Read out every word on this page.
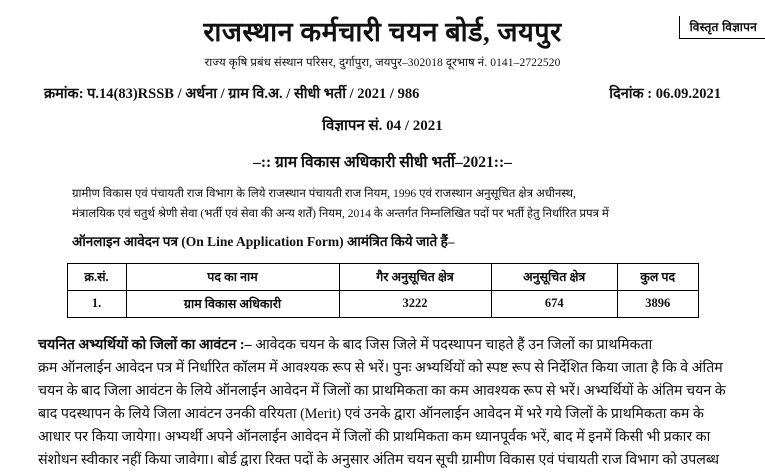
विस्तृत विज्ञापन
राजस्थान कर्मचारी चयन बोर्ड, जयपुर
राज्य कृषि प्रबंध संस्थान परिसर, दुर्गापुरा, जयपुर–302018 दूरभाष नं. 0141–2722520
क्रमांक: प.14(83)RSSB / अर्धना / ग्राम वि.अ. / सीधी भर्ती / 2021 / 986	दिनांक : 06.09.2021
विज्ञापन सं. 04 / 2021
–:: ग्राम विकास अधिकारी सीधी भर्ती–2021::–
ग्रामीण विकास एवं पंचायती राज विभाग के लिये राजस्थान पंचायती राज नियम, 1996 एवं राजस्थान अनुसूचित क्षेत्र अधीनस्थ,
मंत्रालयिक एवं चतुर्थ श्रेणी सेवा (भर्ती एवं सेवा की अन्य शर्तें) नियम, 2014 के अन्तर्गत निम्नलिखित पदों पर भर्ती हेतु निर्धारित प्रपत्र में
ऑनलाइन आवेदन पत्र (On Line Application Form) आमंत्रित किये जाते हैं–
क्र.सं.	पद का नाम	गैर अनुसूचित क्षेत्र	अनुसूचित क्षेत्र	कुल पद
1.	ग्राम विकास अधिकारी	3222	674	3896
चयनित अभ्यर्थियों को जिलों का आवंटन :– आवेदक चयन के बाद जिस जिले में पदस्थापन चाहते हैं उन जिलों का प्राथमिकता
क्रम ऑनलाईन आवेदन पत्र में निर्धारित कॉलम में आवश्यक रूप से भरें। पुनः अभ्यर्थियों को स्पष्ट रूप से निर्देशित किया जाता है कि वे अंतिम
चयन के बाद जिला आवंटन के लिये ऑनलाईन आवेदन में जिलों का प्राथमिकता का कम आवश्यक रूप से भरें। अभ्यर्थियों के अंतिम चयन के
बाद पदस्थापन के लिये जिला आवंटन उनकी वरियता (Merit) एवं उनके द्वारा ऑनलाईन आवेदन में भरे गये जिलों के प्राथमिकता कम के
आधार पर किया जायेगा। अभ्यर्थी अपने ऑनलाईन आवेदन में जिलों की प्राथमिकता कम ध्यानपूर्वक भरें, बाद में इनमें किसी भी प्रकार का
संशोधन स्वीकार नहीं किया जावेगा। बोर्ड द्वारा रिक्त पदों के अनुसार अंतिम चयन सूची ग्रामीण विकास एवं पंचायती राज विभाग को उपलब्ध
